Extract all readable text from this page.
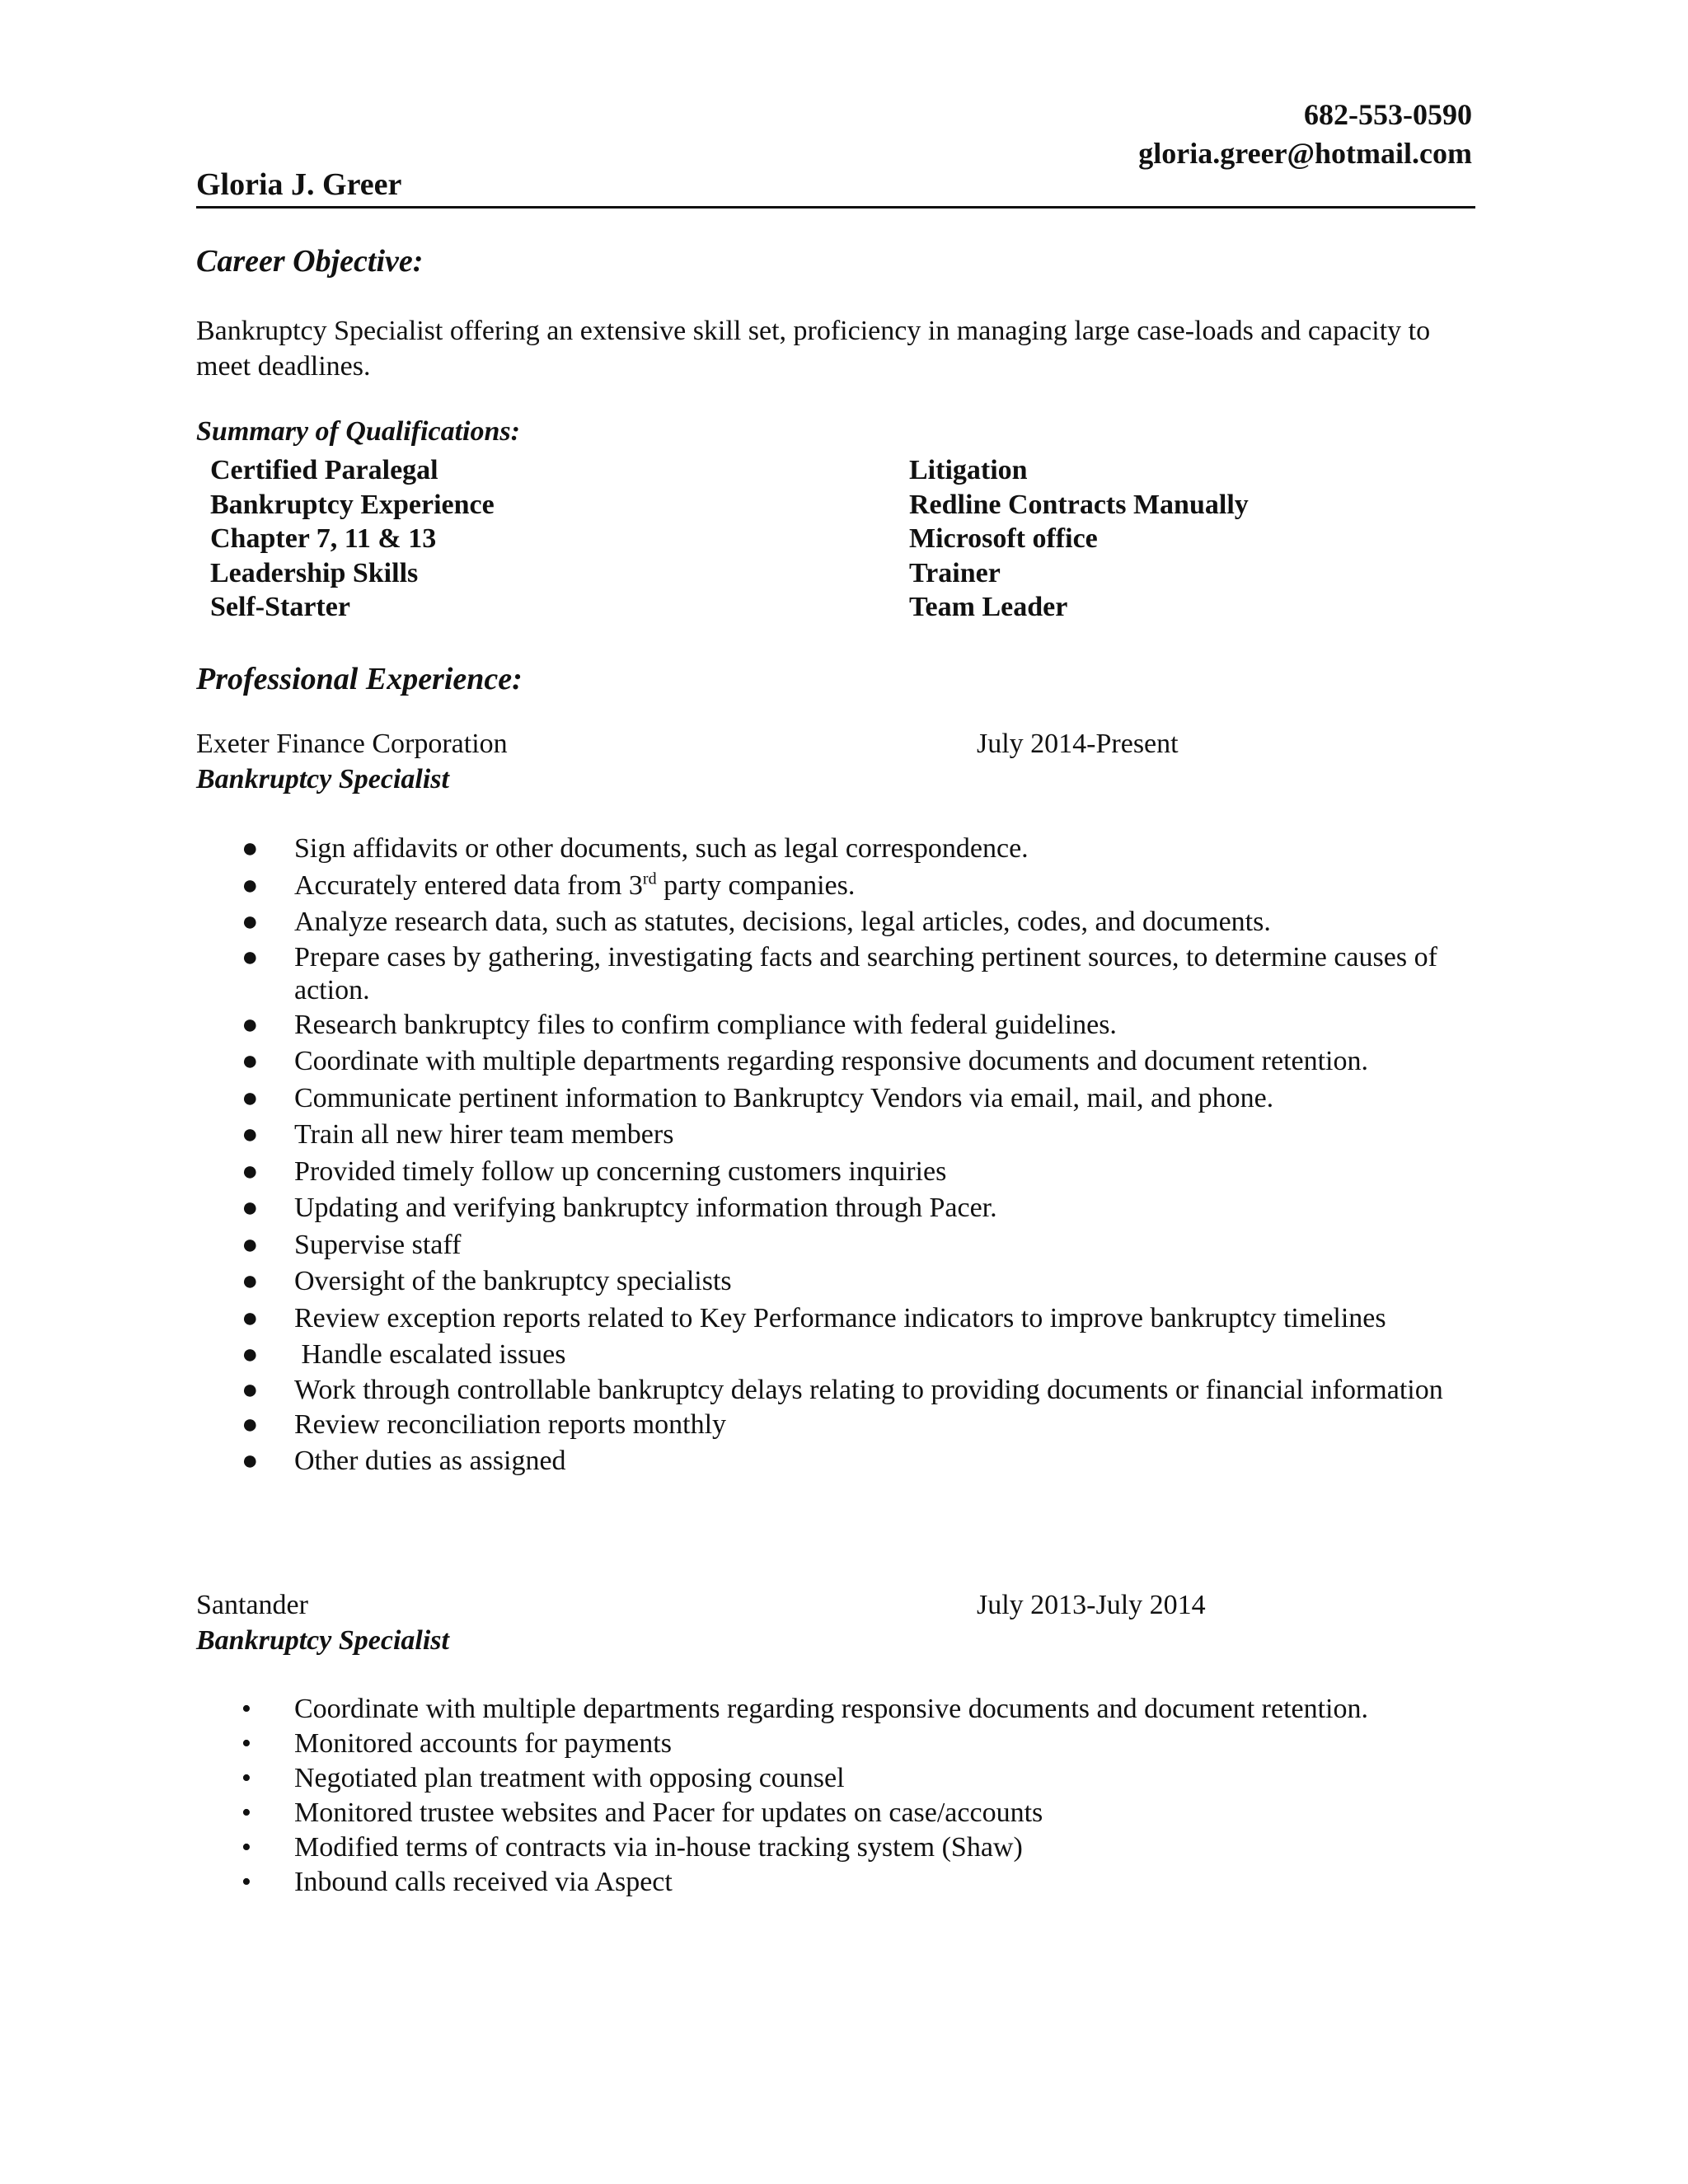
682-553-0590
gloria.greer@hotmail.com
Gloria J. Greer
Career Objective:
Bankruptcy Specialist offering an extensive skill set, proficiency in managing large case-loads and capacity to meet deadlines.
Summary of Qualifications:
Certified Paralegal
Bankruptcy Experience
Chapter 7, 11 & 13
Leadership Skills
Self-Starter
Litigation
Redline Contracts Manually
Microsoft office
Trainer
Team Leader
Professional Experience:
Exeter Finance Corporation	July 2014-Present
Bankruptcy Specialist
● Sign affidavits or other documents, such as legal correspondence.
● Accurately entered data from 3rd party companies.
● Analyze research data, such as statutes, decisions, legal articles, codes, and documents.
● Prepare cases by gathering, investigating facts and searching pertinent sources, to determine causes of action.
● Research bankruptcy files to confirm compliance with federal guidelines.
● Coordinate with multiple departments regarding responsive documents and document retention.
● Communicate pertinent information to Bankruptcy Vendors via email, mail, and phone.
● Train all new hirer team members
● Provided timely follow up concerning customers inquiries
● Updating and verifying bankruptcy information through Pacer.
● Supervise staff
● Oversight of the bankruptcy specialists
● Review exception reports related to Key Performance indicators to improve bankruptcy timelines
● Handle escalated issues
● Work through controllable bankruptcy delays relating to providing documents or financial information
● Review reconciliation reports monthly
● Other duties as assigned
Santander	July 2013-July 2014
Bankruptcy Specialist
• Coordinate with multiple departments regarding responsive documents and document retention.
• Monitored accounts for payments
• Negotiated plan treatment with opposing counsel
• Monitored trustee websites and Pacer for updates on case/accounts
• Modified terms of contracts via in-house tracking system (Shaw)
• Inbound calls received via Aspect
